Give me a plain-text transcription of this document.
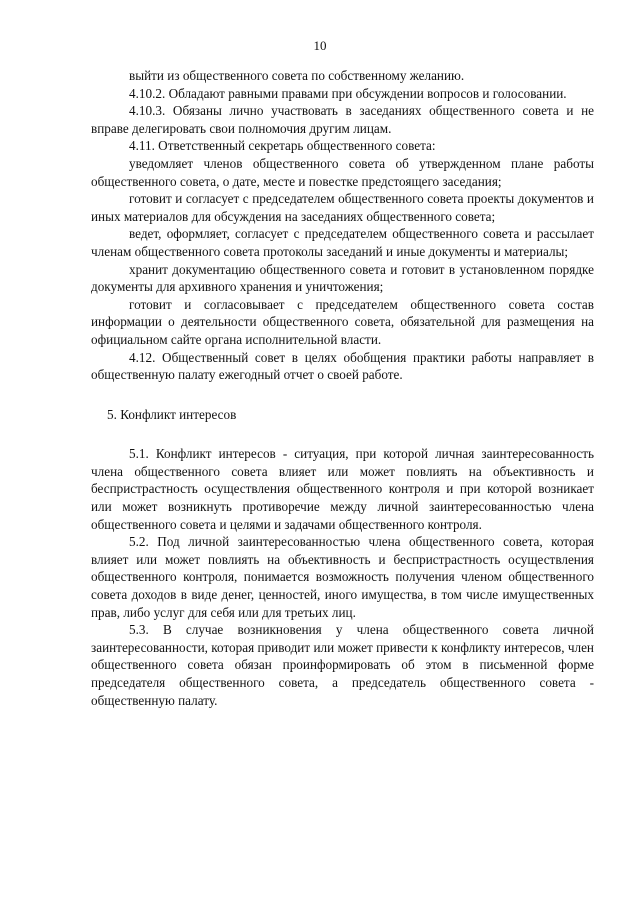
10

выйти из общественного совета по собственному желанию.

4.10.2. Обладают равными правами при обсуждении вопросов и голосовании.

4.10.3. Обязаны лично участвовать в заседаниях общественного совета и не вправе делегировать свои полномочия другим лицам.

4.11. Ответственный секретарь общественного совета:

уведомляет членов общественного совета об утвержденном плане работы общественного совета, о дате, месте и повестке предстоящего заседания;

готовит и согласует с председателем общественного совета проекты документов и иных материалов для обсуждения на заседаниях общественного совета;

ведет, оформляет, согласует с председателем общественного совета и рассылает членам общественного совета протоколы заседаний и иные документы и материалы;

хранит документацию общественного совета и готовит в установленном порядке документы для архивного хранения и уничтожения;

готовит и согласовывает с председателем общественного совета состав информации о деятельности общественного совета, обязательной для размещения на официальном сайте органа исполнительной власти.

4.12. Общественный совет в целях обобщения практики работы направляет в общественную палату ежегодный отчет о своей работе.

5. Конфликт интересов

5.1. Конфликт интересов - ситуация, при которой личная заинтересованность члена общественного совета влияет или может повлиять на объективность и беспристрастность осуществления общественного контроля и при которой возникает или может возникнуть противоречие между личной заинтересованностью члена общественного совета и целями и задачами общественного контроля.

5.2. Под личной заинтересованностью члена общественного совета, которая влияет или может повлиять на объективность и беспристрастность осуществления общественного контроля, понимается возможность получения членом общественного совета доходов в виде денег, ценностей, иного имущества, в том числе имущественных прав, либо услуг для себя или для третьих лиц.

5.3. В случае возникновения у члена общественного совета личной заинтересованности, которая приводит или может привести к конфликту интересов, член общественного совета обязан проинформировать об этом в письменной форме председателя общественного совета, а председатель общественного совета - общественную палату.
